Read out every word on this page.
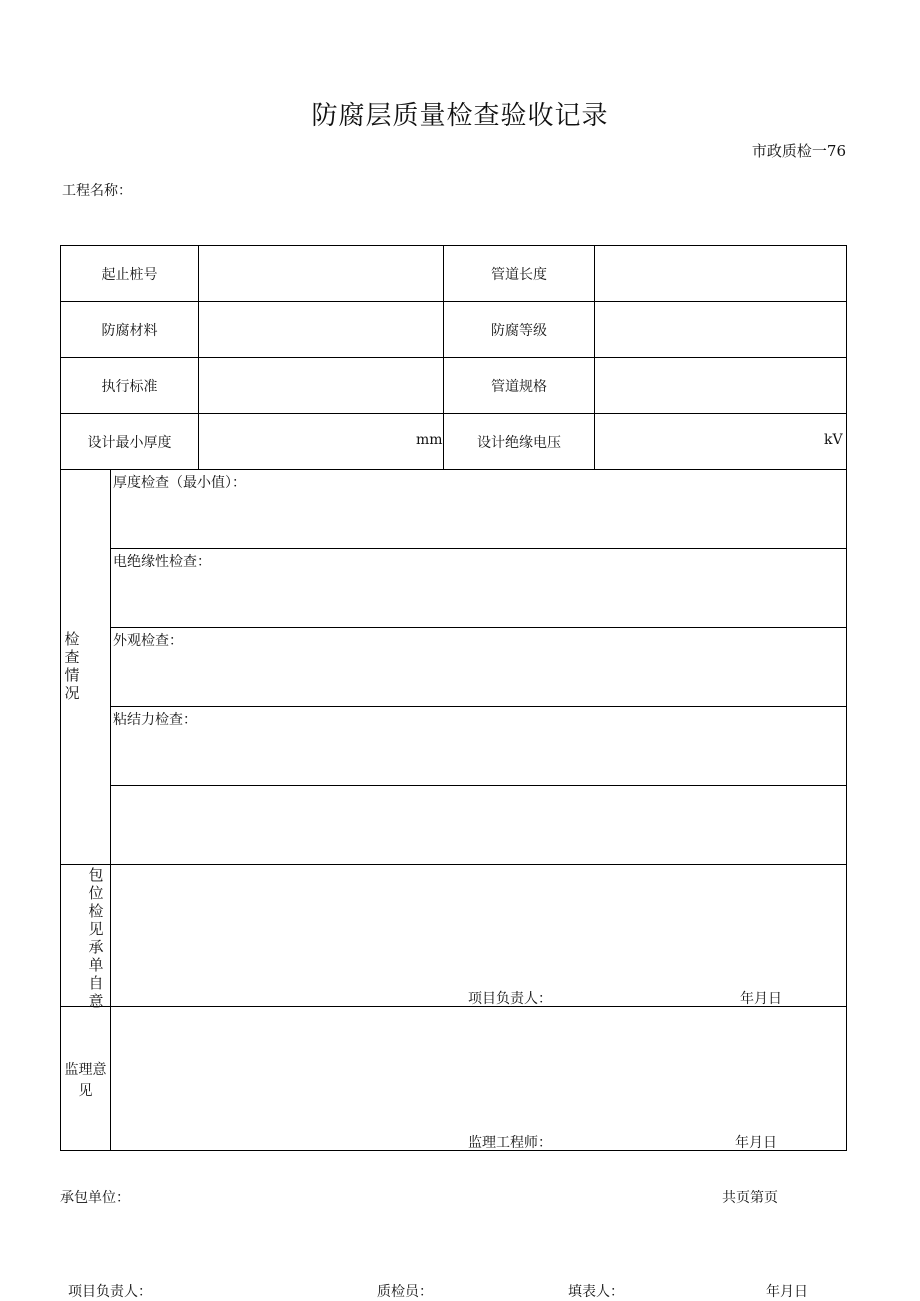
防腐层质量检查验收记录
市政质检一76
工程名称：
起止桩号	管道长度
防腐材料	防腐等级
执行标准	管道规格
设计最小厚度	mm	设计绝缘电压	kV
检
查
情
况
厚度检查（最小值）：
电绝缘性检查：
外观检查：
粘结力检查：
包
位
检
见
承
单
自
意	项目负责人：	年月日
监理意
见
监理工程师：	年月日
承包单位：	共页第页
项目负责人：	质检员：	填表人：	年月日
